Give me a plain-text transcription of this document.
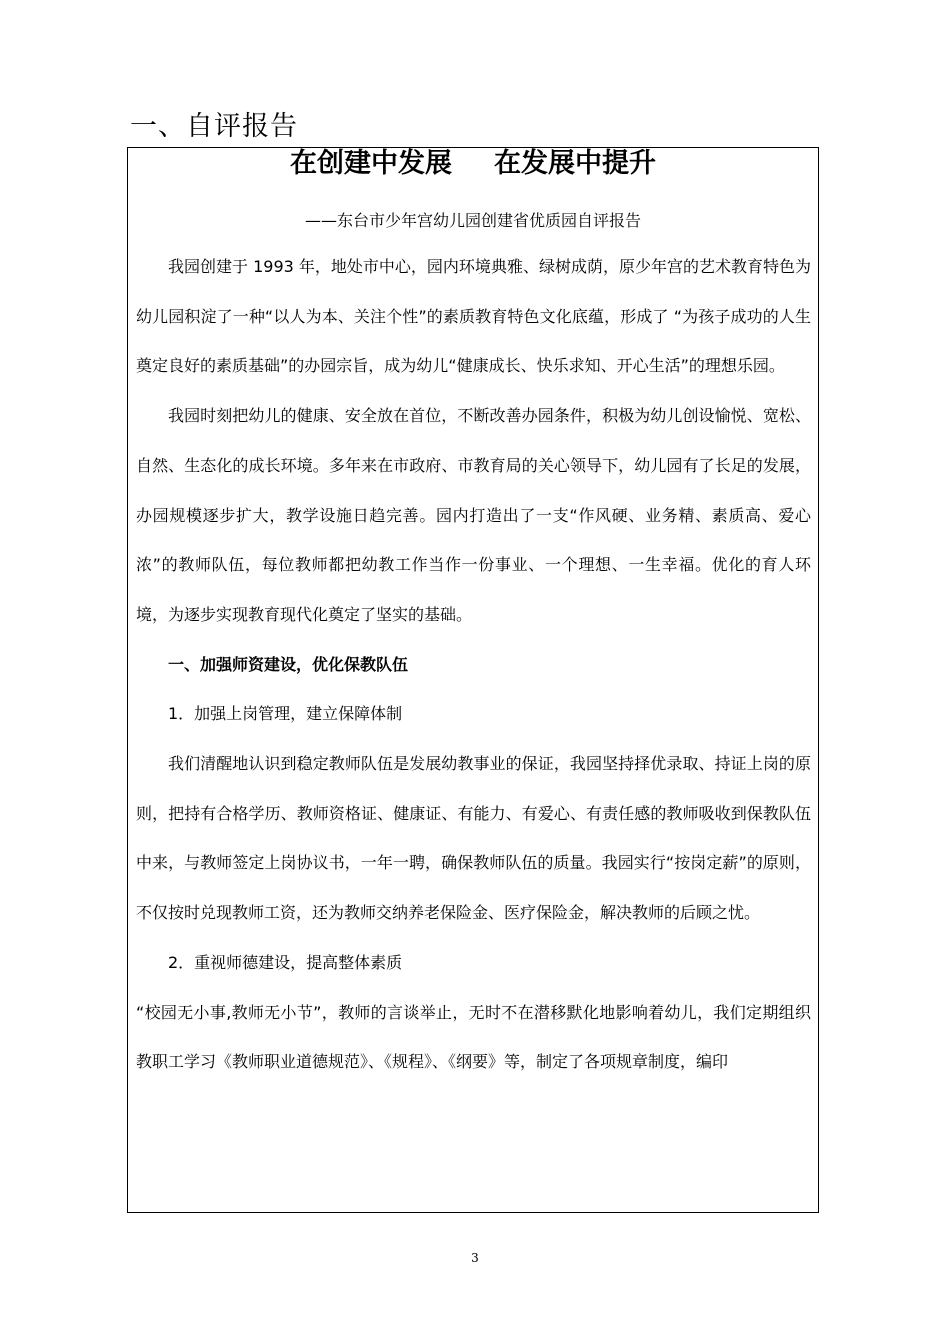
一、自评报告
在创建中发展 在发展中提升

——东台市少年宫幼儿园创建省优质园自评报告

我园创建于 1993 年，地处市中心，园内环境典雅、绿树成荫，原少年宫的艺术教育特色为幼儿园积淀了一种“以人为本、关注个性”的素质教育特色文化底蕴，形成了 “为孩子成功的人生奠定良好的素质基础”的办园宗旨，成为幼儿“健康成长、快乐求知、开心生活”的理想乐园。

我园时刻把幼儿的健康、安全放在首位，不断改善办园条件，积极为幼儿创设愉悦、宽松、自然、生态化的成长环境。多年来在市政府、市教育局的关心领导下，幼儿园有了长足的发展，办园规模逐步扩大，教学设施日趋完善。园内打造出了一支“作风硬、业务精、素质高、爱心浓”的教师队伍，每位教师都把幼教工作当作一份事业、一个理想、一生幸福。优化的育人环境，为逐步实现教育现代化奠定了坚实的基础。

一、加强师资建设，优化保教队伍

1．加强上岗管理，建立保障体制

我们清醒地认识到稳定教师队伍是发展幼教事业的保证，我园坚持择优录取、持证上岗的原则，把持有合格学历、教师资格证、健康证、有能力、有爱心、有责任感的教师吸收到保教队伍中来，与教师签定上岗协议书，一年一聘，确保教师队伍的质量。我园实行“按岗定薪”的原则，不仅按时兑现教师工资，还为教师交纳养老保险金、医疗保险金，解决教师的后顾之忧。

2．重视师德建设，提高整体素质

“校园无小事,教师无小节”，教师的言谈举止，无时不在潜移默化地影响着幼儿，我们定期组织教职工学习《教师职业道德规范》、《规程》、《纲要》等，制定了各项规章制度，编印

3
